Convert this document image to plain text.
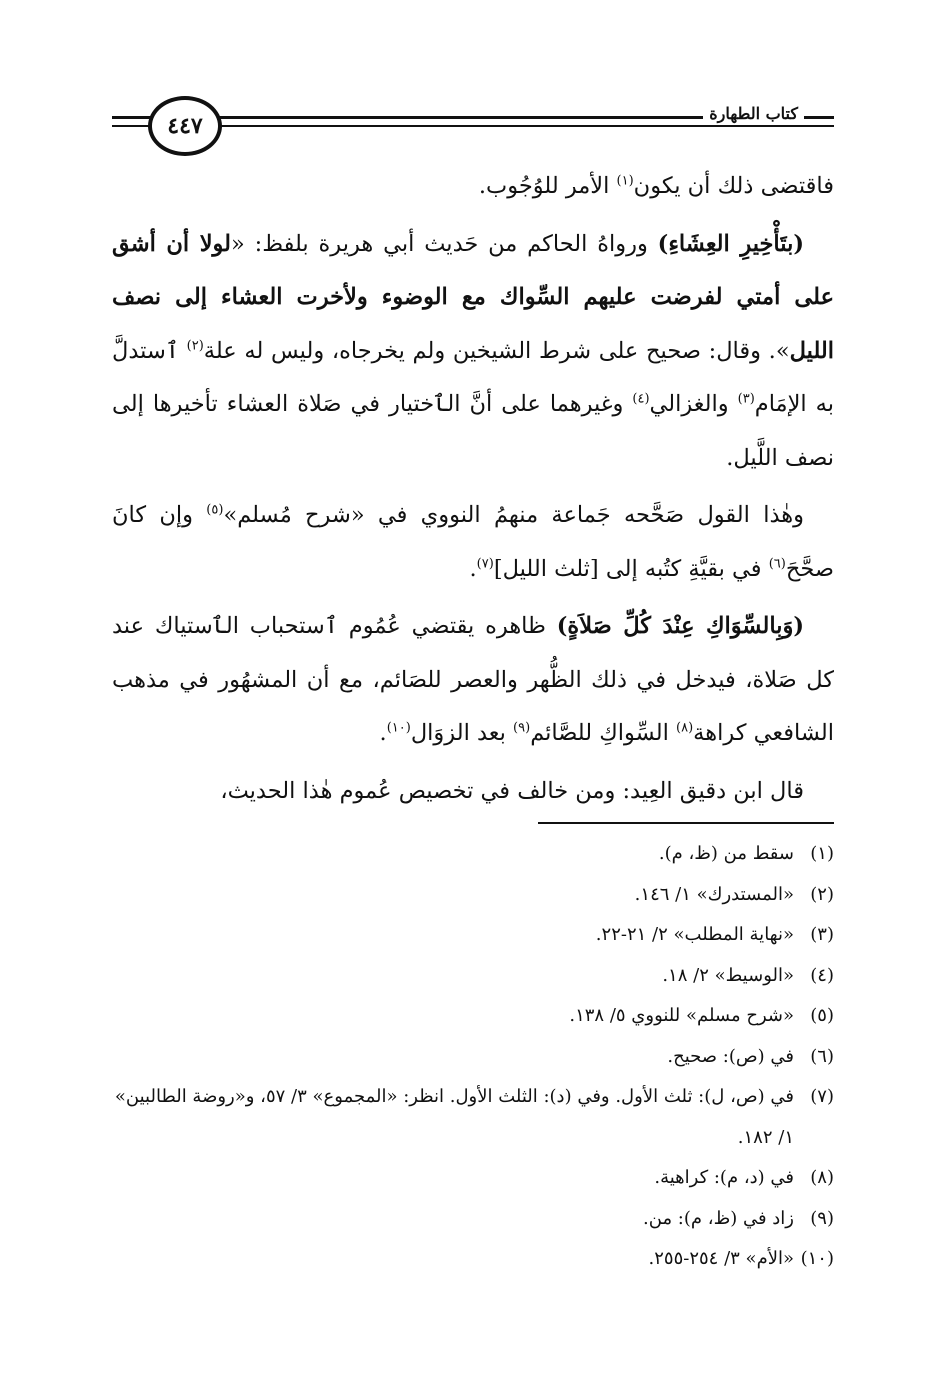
٤٤٧	كتاب الطهارة

فاقتضى ذلك أن يكون$^{(١)}$ الأمر للوُجُوب.

(بتَأْخِيرِ العِشَاءِ) ورواهُ الحاكم من حَديث أبي هريرة بلفظ: «لولا أن أشق على أمتي لفرضت عليهم السِّواك مع الوضوء ولأخرت العشاء إلى نصف الليل». وقال: صحيح على شرط الشيخين ولم يخرجاه، وليس له علة$^{(٢)}$ ٱستدلَّ به الإمَام$^{(٣)}$ والغزالي$^{(٤)}$ وغيرهما على أنَّ الٱختيار في صَلاة العشاء تأخيرها إلى نصف اللَّيل.

وهٰذا القول صَحَّحه جَماعة منهمُ النووي في «شرح مُسلم»$^{(٥)}$ وإن كانَ صحَّحَ$^{(٦)}$ في بقيَّةِ كتُبه إلى [ثلث الليل]$^{(٧)}$.

(وَبِالسِّوَاكِ عِنْدَ كُلِّ صَلاَةٍ) ظاهره يقتضي عُمُوم ٱستحباب الٱستياك عند كل صَلاة، فيدخل في ذلك الظُّهر والعصر للصَائم، مع أن المشهُور في مذهب الشافعي كراهة$^{(٨)}$ السِّواكِ للصَّائم$^{(٩)}$ بعد الزوَال$^{(١٠)}$.

قال ابن دقيق العِيد: ومن خالف في تخصيص عُموم هٰذا الحديث،

(١)
سقط من (ظ، م).
(٢)
«المستدرك» ١/ ١٤٦.
(٣)
«نهاية المطلب» ٢/ ٢١-٢٢.
(٤)
«الوسيط» ٢/ ١٨.
(٥)
«شرح مسلم» للنووي ٥/ ١٣٨.
(٦)
في (ص): صحيح.
(٧)
في (ص، ل): ثلث الأول. وفي (د): الثلث الأول. انظر: «المجموع» ٣/ ٥٧، و«روضة الطالبين» ١/ ١٨٢.
(٨)
في (د، م): كراهية.
(٩)
زاد في (ظ، م): من.
(١٠)
«الأم» ٣/ ٢٥٤-٢٥٥.
